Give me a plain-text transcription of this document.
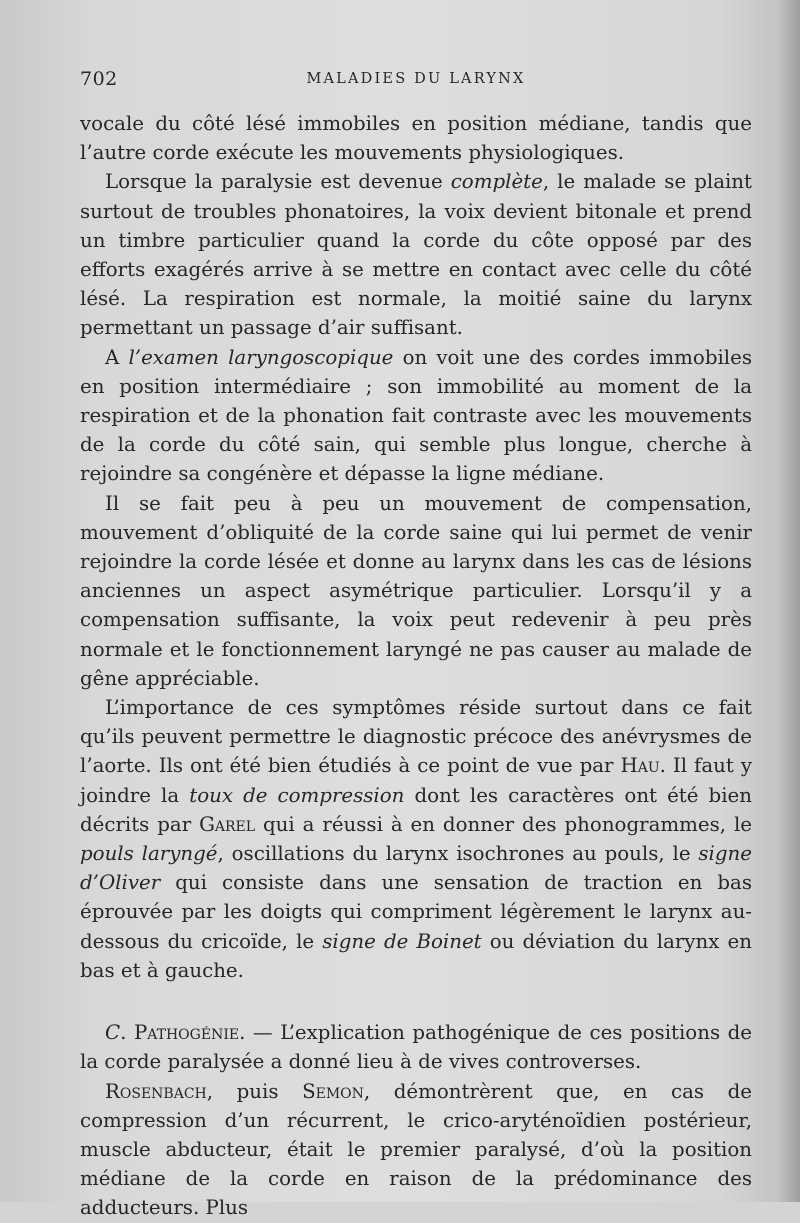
702	MALADIES DU LARYNX

vocale du côté lésé immobiles en position médiane, tandis que l’autre corde exécute les mouvements physiologiques.

Lorsque la paralysie est devenue complète, le malade se plaint surtout de troubles phonatoires, la voix devient bitonale et prend un timbre particulier quand la corde du côte opposé par des efforts exagérés arrive à se mettre en contact avec celle du côté lésé. La respiration est normale, la moitié saine du larynx permettant un passage d’air suffisant.

A l’examen laryngoscopique on voit une des cordes immobiles en position intermédiaire ; son immobilité au moment de la respiration et de la phonation fait contraste avec les mouvements de la corde du côté sain, qui semble plus longue, cherche à rejoindre sa congénère et dépasse la ligne médiane.

Il se fait peu à peu un mouvement de compensation, mouvement d’obliquité de la corde saine qui lui permet de venir rejoindre la corde lésée et donne au larynx dans les cas de lésions anciennes un aspect asymétrique particulier. Lorsqu’il y a compensation suffisante, la voix peut redevenir à peu près normale et le fonctionnement laryngé ne pas causer au malade de gêne appréciable.

L’importance de ces symptômes réside surtout dans ce fait qu’ils peuvent permettre le diagnostic précoce des anévrysmes de l’aorte. Ils ont été bien étudiés à ce point de vue par Hau. Il faut y joindre la toux de compression dont les caractères ont été bien décrits par Garel qui a réussi à en donner des phonogrammes, le pouls laryngé, oscillations du larynx isochrones au pouls, le signe d’Oliver qui consiste dans une sensation de traction en bas éprouvée par les doigts qui compriment légèrement le larynx au-dessous du cricoïde, le signe de Boinet ou déviation du larynx en bas et à gauche.

C. Pathogénie. — L’explication pathogénique de ces positions de la corde paralysée a donné lieu à de vives controverses.

Rosenbach, puis Semon, démontrèrent que, en cas de compression d’un récurrent, le crico-aryténoïdien postérieur, muscle abducteur, était le premier paralysé, d’où la position médiane de la corde en raison de la prédominance des adducteurs. Plus
